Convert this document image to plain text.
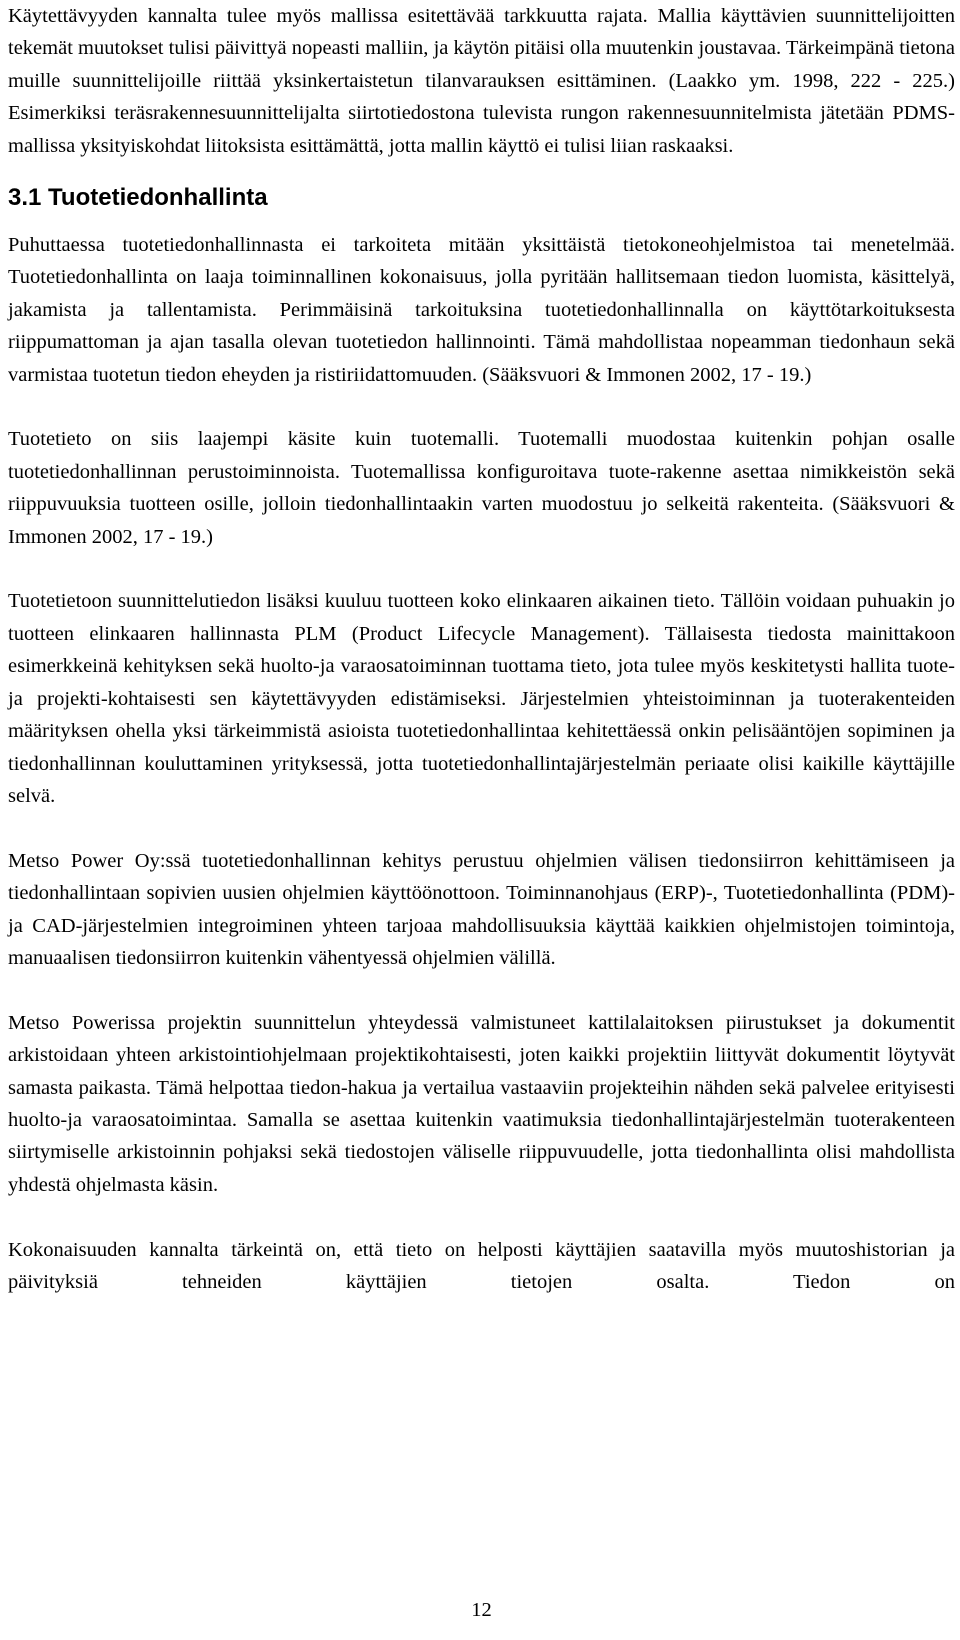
Käytettävyyden kannalta tulee myös mallissa esitettävää tarkkuutta rajata. Mallia käyttävien suunnittelijoitten tekemät muutokset tulisi päivittyä nopeasti malliin, ja käytön pitäisi olla muutenkin joustavaa. Tärkeimpänä tietona muille suunnittelijoille riittää yksinkertaistetun tilanvarauksen esittäminen. (Laakko ym. 1998, 222 - 225.) Esimerkiksi teräsrakennesuunnittelijalta siirtotiedostona tulevista rungon rakennesuunnitelmista jätetään PDMS-mallissa yksityiskohdat liitoksista esittämättä, jotta mallin käyttö ei tulisi liian raskaaksi.

3.1 Tuotetiedonhallinta

Puhuttaessa tuotetiedonhallinnasta ei tarkoiteta mitään yksittäistä tietokoneohjelmistoa tai menetelmää. Tuotetiedonhallinta on laaja toiminnallinen kokonaisuus, jolla pyritään hallitsemaan tiedon luomista, käsittelyä, jakamista ja tallentamista. Perimmäisinä tarkoituksina tuotetiedonhallinnalla on käyttötarkoituksesta riippumattoman ja ajan tasalla olevan tuotetiedon hallinnointi. Tämä mahdollistaa nopeamman tiedonhaun sekä varmistaa tuotetun tiedon eheyden ja ristiriidattomuuden. (Sääksvuori & Immonen 2002, 17 - 19.)

Tuotetieto on siis laajempi käsite kuin tuotemalli. Tuotemalli muodostaa kuitenkin pohjan osalle tuotetiedonhallinnan perustoiminnoista. Tuotemallissa konfiguroitava tuote-rakenne asettaa nimikkeistön sekä riippuvuuksia tuotteen osille, jolloin tiedonhallintaakin varten muodostuu jo selkeitä rakenteita. (Sääksvuori & Immonen 2002, 17 - 19.)

Tuotetietoon suunnittelutiedon lisäksi kuuluu tuotteen koko elinkaaren aikainen tieto. Tällöin voidaan puhuakin jo tuotteen elinkaaren hallinnasta PLM (Product Lifecycle Management). Tällaisesta tiedosta mainittakoon esimerkkeinä kehityksen sekä huolto-ja varaosatoiminnan tuottama tieto, jota tulee myös keskitetysti hallita tuote- ja projekti-kohtaisesti sen käytettävyyden edistämiseksi. Järjestelmien yhteistoiminnan ja tuoterakenteiden määrityksen ohella yksi tärkeimmistä asioista tuotetiedonhallintaa kehitettäessä onkin pelisääntöjen sopiminen ja tiedonhallinnan kouluttaminen yrityksessä, jotta tuotetiedonhallintajärjestelmän periaate olisi kaikille käyttäjille selvä.

Metso Power Oy:ssä tuotetiedonhallinnan kehitys perustuu ohjelmien välisen tiedonsiirron kehittämiseen ja tiedonhallintaan sopivien uusien ohjelmien käyttöönottoon. Toiminnanohjaus (ERP)-, Tuotetiedonhallinta (PDM)- ja CAD-järjestelmien integroiminen yhteen tarjoaa mahdollisuuksia käyttää kaikkien ohjelmistojen toimintoja, manuaalisen tiedonsiirron kuitenkin vähentyessä ohjelmien välillä.

Metso Powerissa projektin suunnittelun yhteydessä valmistuneet kattilalaitoksen piirustukset ja dokumentit arkistoidaan yhteen arkistointiohjelmaan projektikohtaisesti, joten kaikki projektiin liittyvät dokumentit löytyvät samasta paikasta. Tämä helpottaa tiedon-hakua ja vertailua vastaaviin projekteihin nähden sekä palvelee erityisesti huolto-ja varaosatoimintaa. Samalla se asettaa kuitenkin vaatimuksia tiedonhallintajärjestelmän tuoterakenteen siirtymiselle arkistoinnin pohjaksi sekä tiedostojen väliselle riippuvuudelle, jotta tiedonhallinta olisi mahdollista yhdestä ohjelmasta käsin.

Kokonaisuuden kannalta tärkeintä on, että tieto on helposti käyttäjien saatavilla myös muutoshistorian ja päivityksiä tehneiden käyttäjien tietojen osalta. Tiedon on

12
